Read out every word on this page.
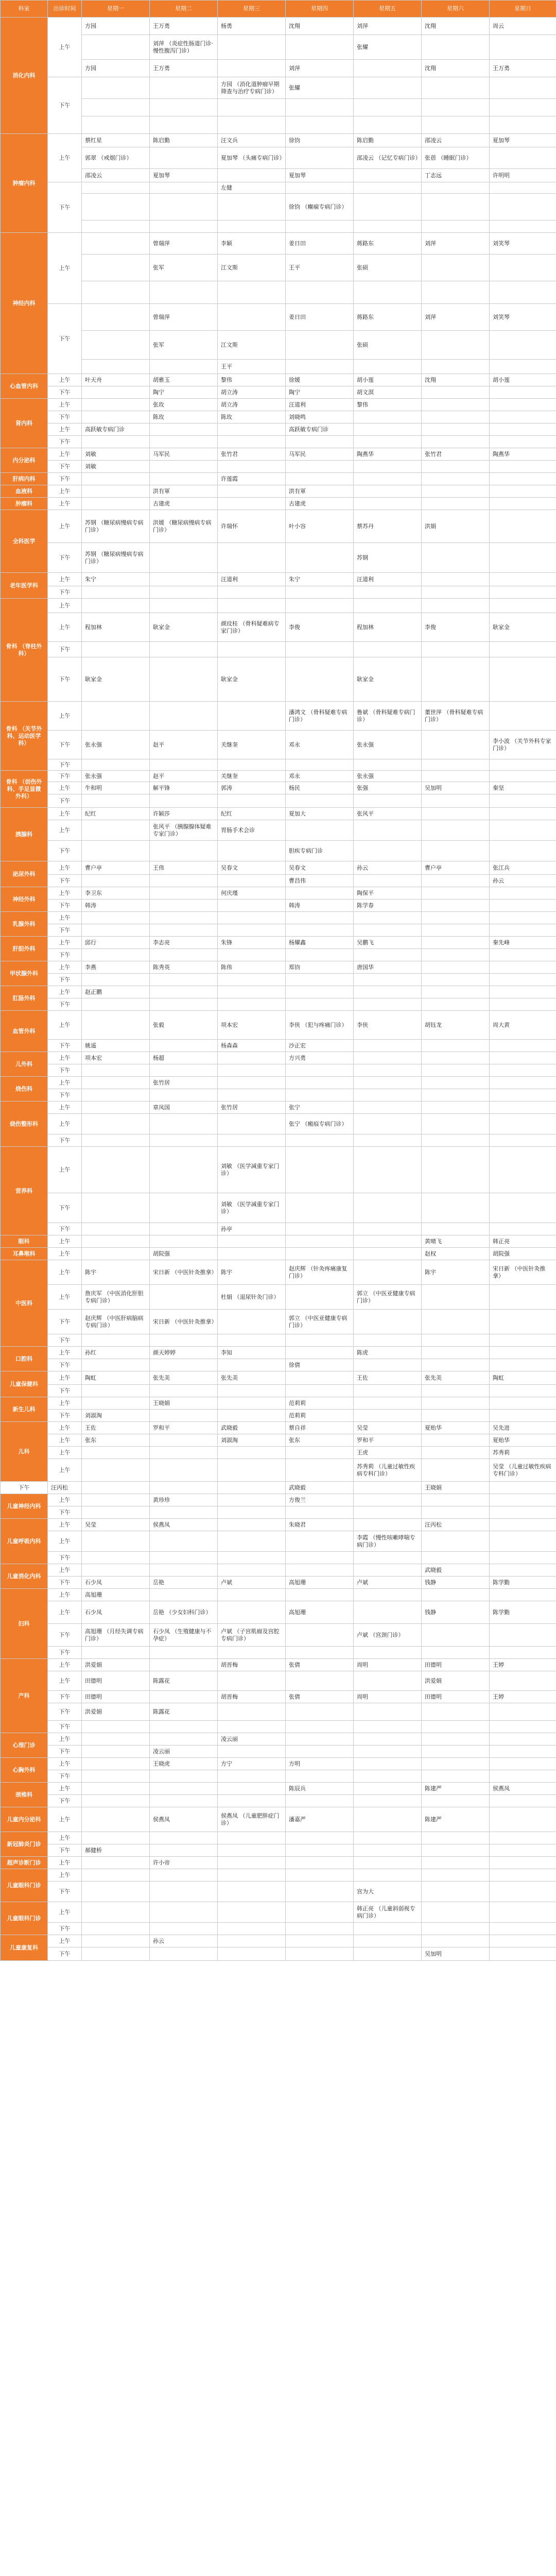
科室	出诊时间	星期一	星期二	星期三	星期四	星期五	星期六	星期日
消化内科	上午	方园	王万勇	杨勇	沈翔	刘萍	沈翔	周云
			刘萍 （炎症性肠道门诊·慢性腹泻门诊）			张耀		
		方园	王万勇		刘萍		沈翔	王万勇
	下午			方园 （消化道肿瘤早期筛查与治疗专病门诊）	张耀			

肿瘤内科	上午	蔡红星	陈启勤	汪文兵	徐钧	陈启勤	邵凌云	夏加琴
		郭翠 （戒烟门诊）		夏加琴 （头痛专病门诊）		邵凌云 （记忆专病门诊）	张蓓 （睡眠门诊）	
		邵凌云	夏加琴		夏加琴		丁志远	许明明
	下午			左健				
					徐钧 （癫痫专病门诊）			

神经内科	上午		曾瑞萍	李颖	姜日田	蒋路东	刘萍	刘笑琴
			张军	江文斯	王平	张硕		

	下午		曾瑞萍		姜日田	蒋路东	刘萍	刘笑琴
			张军	江文斯		张硕		
				王平				
心血管内科	上午	叶天舟	胡雅玉	黎伟	徐媛	胡小莲	沈翔	胡小莲
	下午		陶宁	胡立涛	陶宁	胡文溟		
肾内科	上午		张玫	胡立涛	汪道利	黎伟		
	下午		陈玫	陈玫	刘晓鸣			
	上午	高跃敏专病门诊			高跃敏专病门诊			
	下午							
内分泌科	上午	刘敏	马军民	张竹君	马军民	陶燕华	张竹君	陶燕华
	下午	刘敏						
肝病内科	下午			许莲霞				
血液科	上午		洪有軍		洪有軍			
肿瘤科	上午		古建虎		古建虎			
全科医学	上午	苏钢 （糖尿病慢病专病门诊）	洪媛 （糖尿病慢病专病门诊）	许瑞怀	叶小容	蔡苏丹	洪娟	
	下午	苏钢 （糖尿病慢病专病门诊）				苏钢		
老年医学科	上午	朱宁		汪道利	朱宁	汪道利		
	下午							
骨科 （脊柱外科）	上午							
	上午	程加林	耿家金	颜玟桂 （骨科疑难病专家门诊）	李俊	程加林	李俊	耿家金
	下午							
	下午	耿家金		耿家金		耿家金		
骨科 （关节外科、运动医学科）	上午				潘鸿文 （骨科疑难专病门诊）	鲁斌 （骨科疑难专病门诊）	董世萍 （骨科疑难专病门诊）	
	下午	张永强	赵平	关继奎	邓永	张永强		李小波 （关节外科专家门诊）
	下午							
骨科 （创伤外科、手足显微外科）	下午	张永强	赵平	关继奎	邓永	张永强		
	上午	牛和明	解平锋	郭涛	杨民	张强	吴加明	秦坚
	下午							
胰腺科	上午	纪红	许颖莎	纪红	夏加大	张风平		
	上午		张风平 （胰腺腺体疑难专家门诊）	胃肠手术会诊				
	下午				胆疾专病门诊			
泌尿外科	上午	曹户亭	王伟	吴春文	吴春文	孙云	曹户亭	张江兵
	下午				曹昌伟			孙云
神经外科	上午	李卫东		何庆瑾		陶保平		
	下午	韩涛			韩涛	陈学春		
乳腺外科	上午							
	下午							
肝胆外科	上午	邱行	李志亮	朱锋	杨耀鑫	吴鹏飞		秦先峰
	下午							
甲状腺外科	上午	李燕	陈秀英	陈伟	郑钧	唐国华		
	下午							
肛肠外科	上午	赵正鹏						
	下午							
血管外科	上午		张毅	项本宏	李侠 （犯与疼痛门诊）	李侠	胡钰龙	周大黄
	下午	姚遥		杨森森	沙正宏			
儿外科	上午	项本宏	杨超		方兴勇			
	下午							
烧伤科	上午		张竹居					
	下午							
烧伤整形科	上午		章凤国	张竹居	张宁			
	上午				张宁 （瘢痕专病门诊）			
	下午							
营养科	上午			刘敏 （医学减重专家门诊）				
	下午			刘敏 （医学减重专家门诊）				
	下午			孙亭				
眼科	上午						黄晴飞	韩正亮
耳鼻喉科	上午		胡院强				赵权	胡院强
中医科	上午	陈宇	宋日新 （中医针灸推拿）	陈宇	赵庆辉 （针灸疼痛康复门诊）		陈宇	宋日新 （中医针灸推拿）
	上午	詹庆军 （中医消化肝胆专病门诊）		杜娟 （退尿针灸门诊）		郭立 （中医亚健康专病门诊）		
	下午	赵庆辉 （中医肝病脑病专病门诊）	宋日新 （中医针灸推拿）		郭立 （中医亚健康专病门诊）			
	下午							
口腔科	上午	孙红	颜天婷婷	李知		陈虎		
	下午				徐倩			
儿童保健科	上午	陶虹	张先美	张先美		王佐	张先美	陶虹
	下午							
新生儿科	上午		王晓娟		范莉莉			
	下午	刘淑淘			范莉莉			
儿科	上午	王佐	罗和平	武晓毅	蔡自祥	吴莹	夏贻华	吴先进
	上午	张东		刘淑淘	张东	罗和平		夏贻华
	上午					王虎		苏秀莉
	上午					苏秀莉 （儿童过敏性疾病专科门诊）		吴莹 （儿童过敏性疾病专科门诊）
下午	汪丙松				武晓毅		王晓娟	
儿童神经内科	上午		黄珍珍		方俊兰			
	下午							
儿童呼吸内科	上午	吴莹	侯燕凤		朱晓君		汪丙松	
	上午					李霞 （慢性咳嗽哮喘专病门诊）		
	下午							
儿童消化内科	上午						武晓毅	
	下午	石少凤	岳艳	卢斌	高旭珊	卢斌	钱静	陈学勤
妇科	上午	高旭珊						
	上午	石少凤	岳艳 （少女妇科门诊）		高旭珊		钱静	陈学勤
	下午	高旭珊 （月经失调专病门诊）	石少凤 （生殖健康与不孕症）	卢斌 （子宫肌瘤及宫腔专病门诊）		卢斌 （宫颈门诊）		
	下午							
产科	上午	洪爱娟		胡晋梅	张倩	周明	田德明	王婷
	上午	田德明	陈露花				洪爱娟	
	下午	田德明		胡晋梅	张倩	周明	田德明	王婷
	下午	洪爱娟	陈露花					
	下午							
心理门诊	上午			凌云丽				
	下午		凌云丽					
心胸外科	上午		王晓虎	方宁	方明			
	下午							
颈椎科	上午				陈辰兵		陈建严	侯燕凤
	下午							
儿童内分泌科	上午		侯燕凤	侯燕凤 （儿童肥胖症门诊）	潘嘉严		陈建严	
新冠肺炎门诊	上午							
	下午	郝健桥						
超声诊断门诊	上午		许小帝					
儿童眼科门诊	上午							
	下午					宫为大		
儿童眼科门诊	上午					韩正亮 （儿童斜弱视专病门诊）		
	下午							
儿童康复科	上午		孙云					
	下午						吴加明	
